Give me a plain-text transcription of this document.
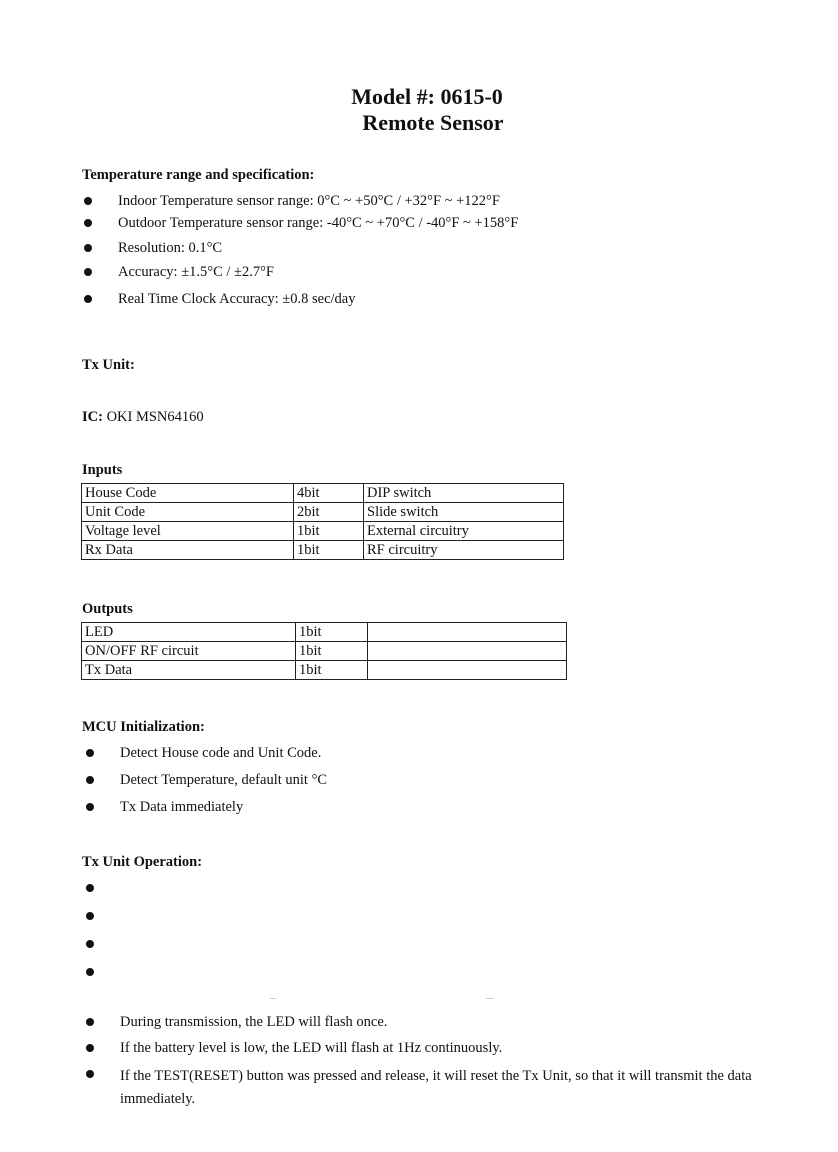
Model #: 0615-0
Remote Sensor
Temperature range and specification:
Indoor Temperature sensor range: 0°C ~ +50°C / +32°F ~ +122°F
Outdoor Temperature sensor range: -40°C ~ +70°C / -40°F ~ +158°F
Resolution: 0.1°C
Accuracy: ±1.5°C / ±2.7°F
Real Time Clock Accuracy: ±0.8 sec/day
Tx Unit:
IC: OKI MSN64160
Inputs
House Code	4bit	DIP switch
Unit Code	2bit	Slide switch
Voltage level	1bit	External circuitry
Rx Data	1bit	RF circuitry
Outputs
LED	1bit	
ON/OFF RF circuit	1bit	
Tx Data	1bit	
MCU Initialization:
Detect House code and Unit Code.
Detect Temperature, default unit °C
Tx Data immediately
Tx Unit Operation:
During transmission, the LED will flash once.
If the battery level is low, the LED will flash at 1Hz continuously.
If the TEST(RESET) button was pressed and release, it will reset the Tx Unit, so that it will transmit the data immediately.
